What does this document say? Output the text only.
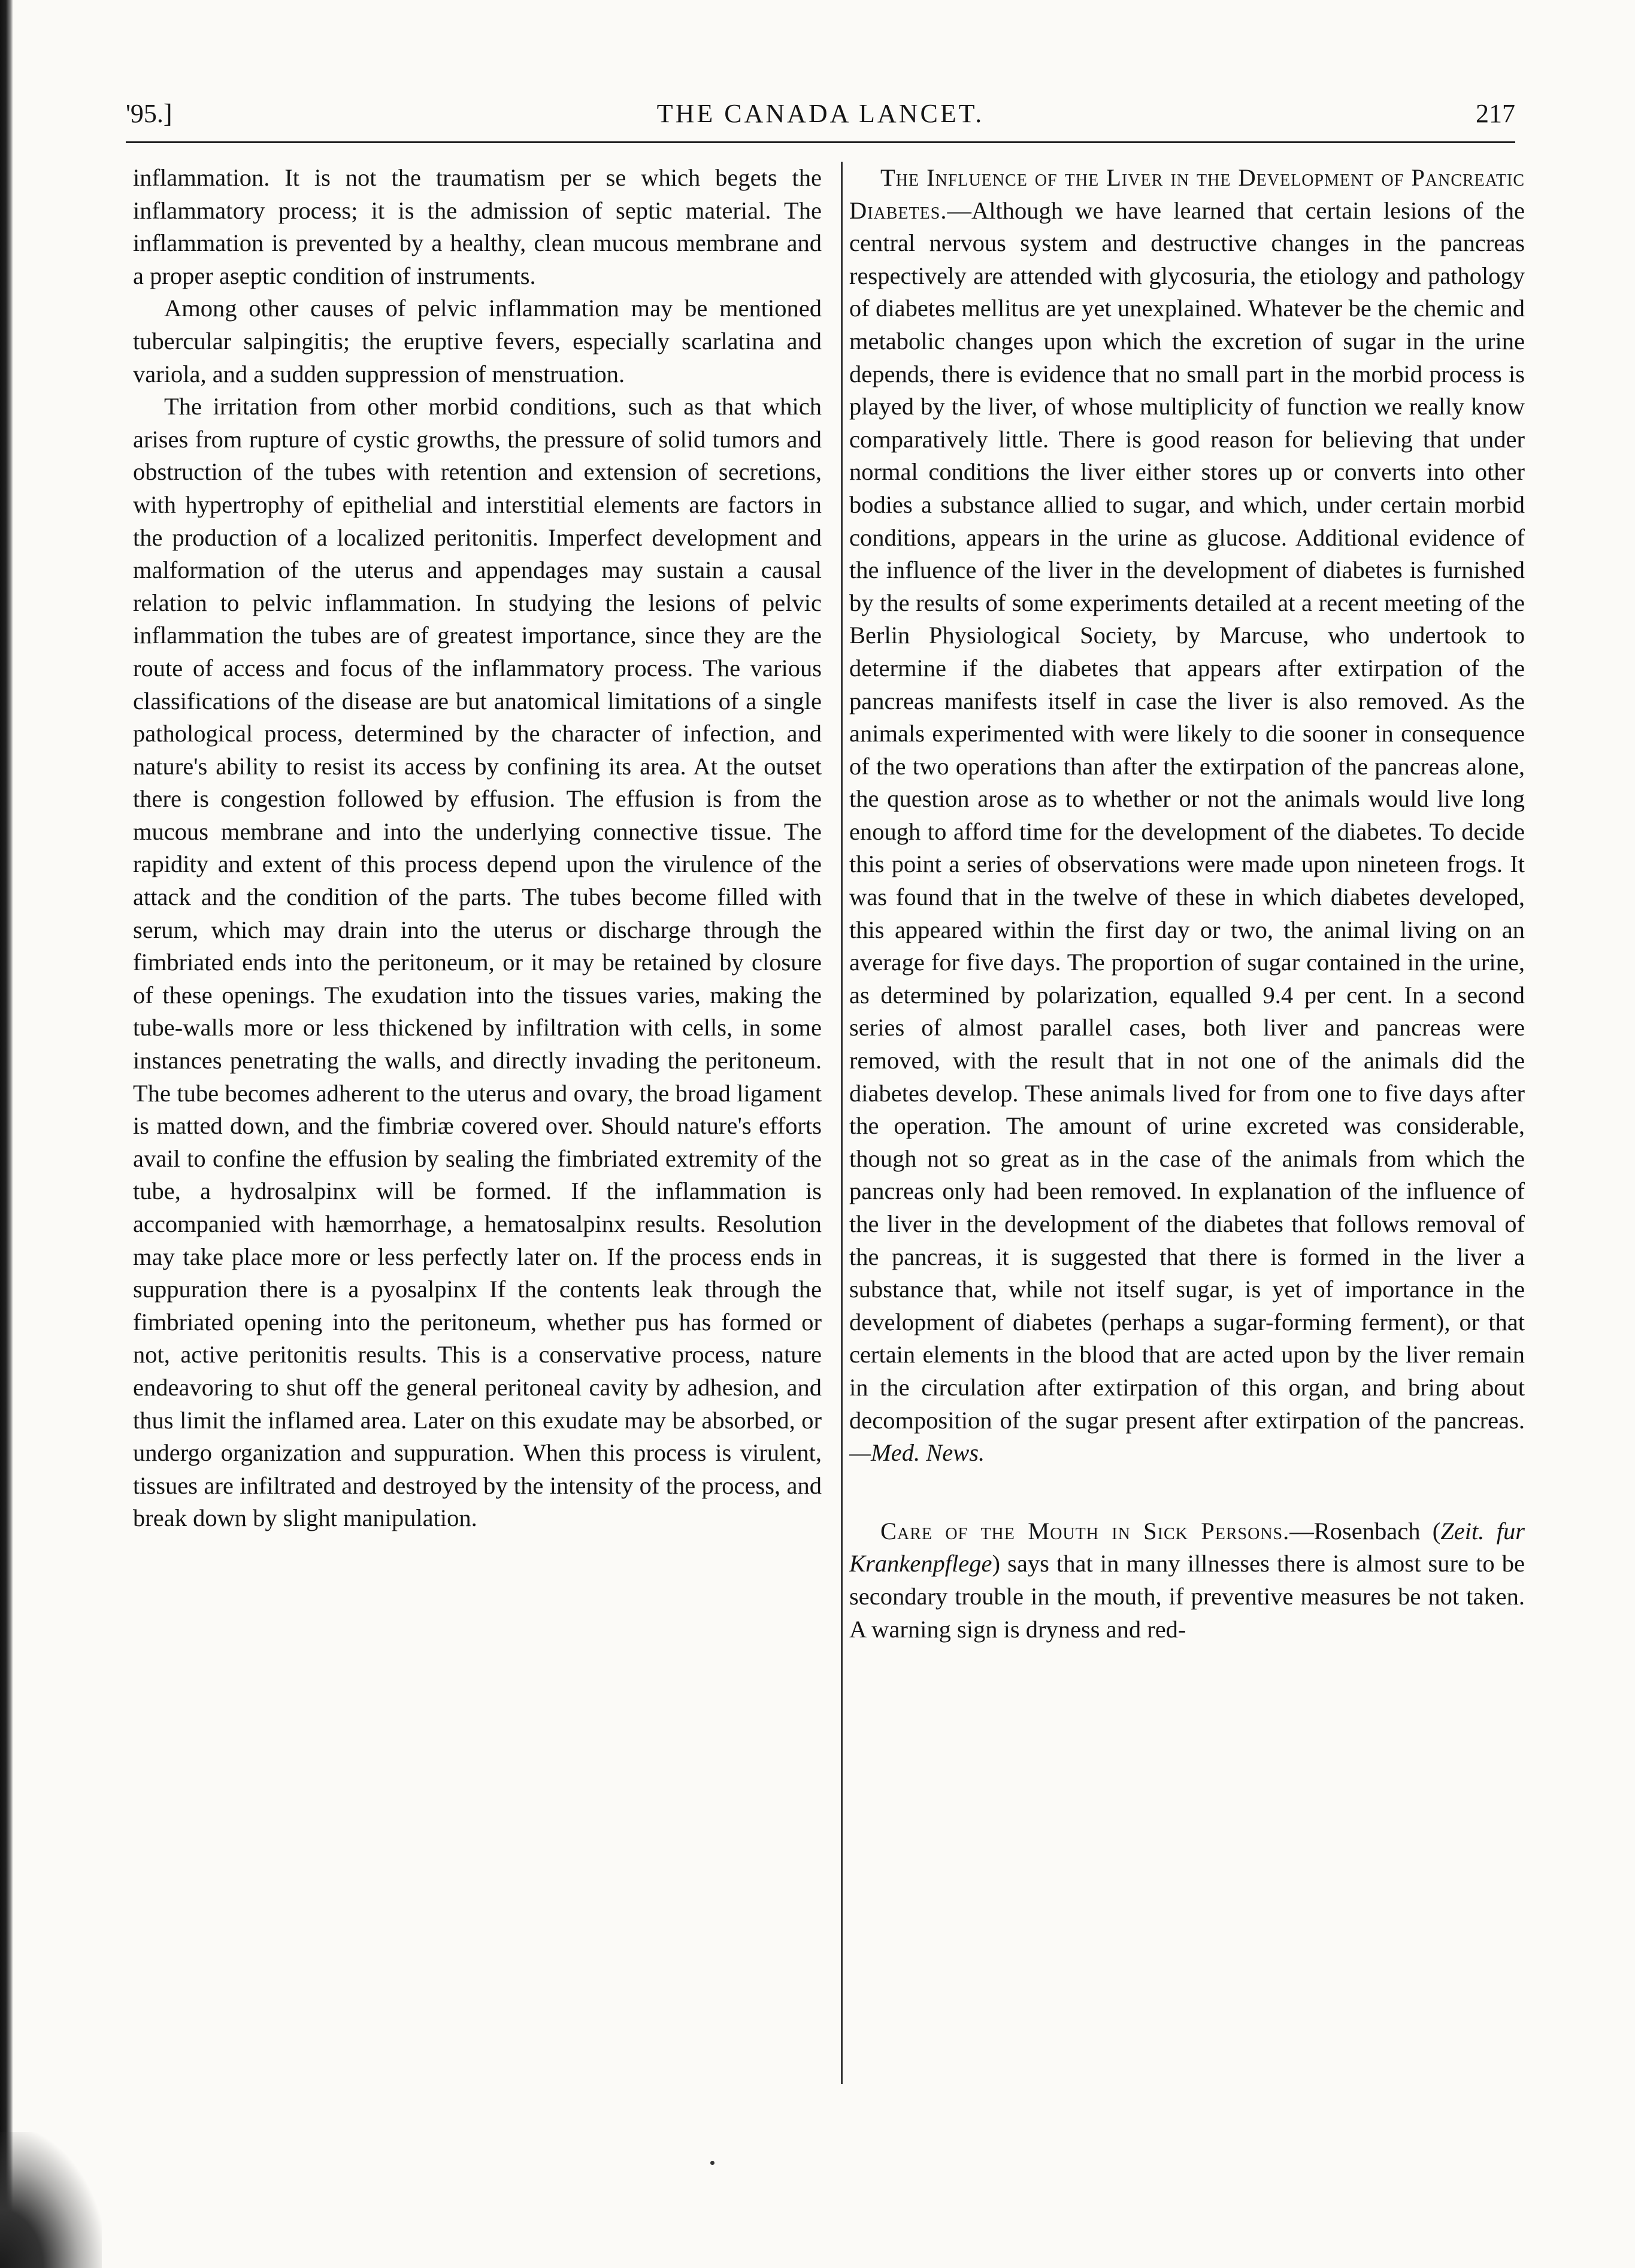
THE CANADA LANCET.
'95.]	217

inflammation. It is not the traumatism per se which begets the inflammatory process; it is the admission of septic material. The inflammation is prevented by a healthy, clean mucous membrane and a proper aseptic condition of instruments.

Among other causes of pelvic inflammation may be mentioned tubercular salpingitis; the eruptive fevers, especially scarlatina and variola, and a sudden suppression of menstruation.

The irritation from other morbid conditions, such as that which arises from rupture of cystic growths, the pressure of solid tumors and obstruction of the tubes with retention and extension of secretions, with hypertrophy of epithelial and interstitial elements are factors in the production of a localized peritonitis. Imperfect development and malformation of the uterus and appendages may sustain a causal relation to pelvic inflammation. In studying the lesions of pelvic inflammation the tubes are of greatest importance, since they are the route of access and focus of the inflammatory process. The various classifications of the disease are but anatomical limitations of a single pathological process, determined by the character of infection, and nature's ability to resist its access by confining its area. At the outset there is congestion followed by effusion. The effusion is from the mucous membrane and into the underlying connective tissue. The rapidity and extent of this process depend upon the virulence of the attack and the condition of the parts. The tubes become filled with serum, which may drain into the uterus or discharge through the fimbriated ends into the peritoneum, or it may be retained by closure of these openings. The exudation into the tissues varies, making the tube-walls more or less thickened by infiltration with cells, in some instances penetrating the walls, and directly invading the peritoneum. The tube becomes adherent to the uterus and ovary, the broad ligament is matted down, and the fimbriæ covered over. Should nature's efforts avail to confine the effusion by sealing the fimbriated extremity of the tube, a hydrosalpinx will be formed. If the inflammation is accompanied with hæmorrhage, a hematosalpinx results. Resolution may take place more or less perfectly later on. If the process ends in suppuration there is a pyosalpinx If the contents leak through the fimbriated opening into the peritoneum, whether pus has formed or not, active peritonitis results. This is a conservative process, nature endeavoring to shut off the general peritoneal cavity by adhesion, and thus limit the inflamed area. Later on this exudate may be absorbed, or undergo organization and suppuration. When this process is virulent, tissues are infiltrated and destroyed by the intensity of the process, and break down by slight manipulation.

The Influence of the Liver in the Development of Pancreatic Diabetes.—Although we have learned that certain lesions of the central nervous system and destructive changes in the pancreas respectively are attended with glycosuria, the etiology and pathology of diabetes mellitus are yet unexplained. Whatever be the chemic and metabolic changes upon which the excretion of sugar in the urine depends, there is evidence that no small part in the morbid process is played by the liver, of whose multiplicity of function we really know comparatively little. There is good reason for believing that under normal conditions the liver either stores up or converts into other bodies a substance allied to sugar, and which, under certain morbid conditions, appears in the urine as glucose. Additional evidence of the influence of the liver in the development of diabetes is furnished by the results of some experiments detailed at a recent meeting of the Berlin Physiological Society, by Marcuse, who undertook to determine if the diabetes that appears after extirpation of the pancreas manifests itself in case the liver is also removed. As the animals experimented with were likely to die sooner in consequence of the two operations than after the extirpation of the pancreas alone, the question arose as to whether or not the animals would live long enough to afford time for the development of the diabetes. To decide this point a series of observations were made upon nineteen frogs. It was found that in the twelve of these in which diabetes developed, this appeared within the first day or two, the animal living on an average for five days. The proportion of sugar contained in the urine, as determined by polarization, equalled 9.4 per cent. In a second series of almost parallel cases, both liver and pancreas were removed, with the result that in not one of the animals did the diabetes develop. These animals lived for from one to five days after the operation. The amount of urine excreted was considerable, though not so great as in the case of the animals from which the pancreas only had been removed. In explanation of the influence of the liver in the development of the diabetes that follows removal of the pancreas, it is suggested that there is formed in the liver a substance that, while not itself sugar, is yet of importance in the development of diabetes (perhaps a sugar-forming ferment), or that certain elements in the blood that are acted upon by the liver remain in the circulation after extirpation of this organ, and bring about decomposition of the sugar present after extirpation of the pancreas.—Med. News.

Care of the Mouth in Sick Persons.—Rosenbach (Zeit. fur Krankenpflege) says that in many illnesses there is almost sure to be secondary trouble in the mouth, if preventive measures be not taken. A warning sign is dryness and red-
